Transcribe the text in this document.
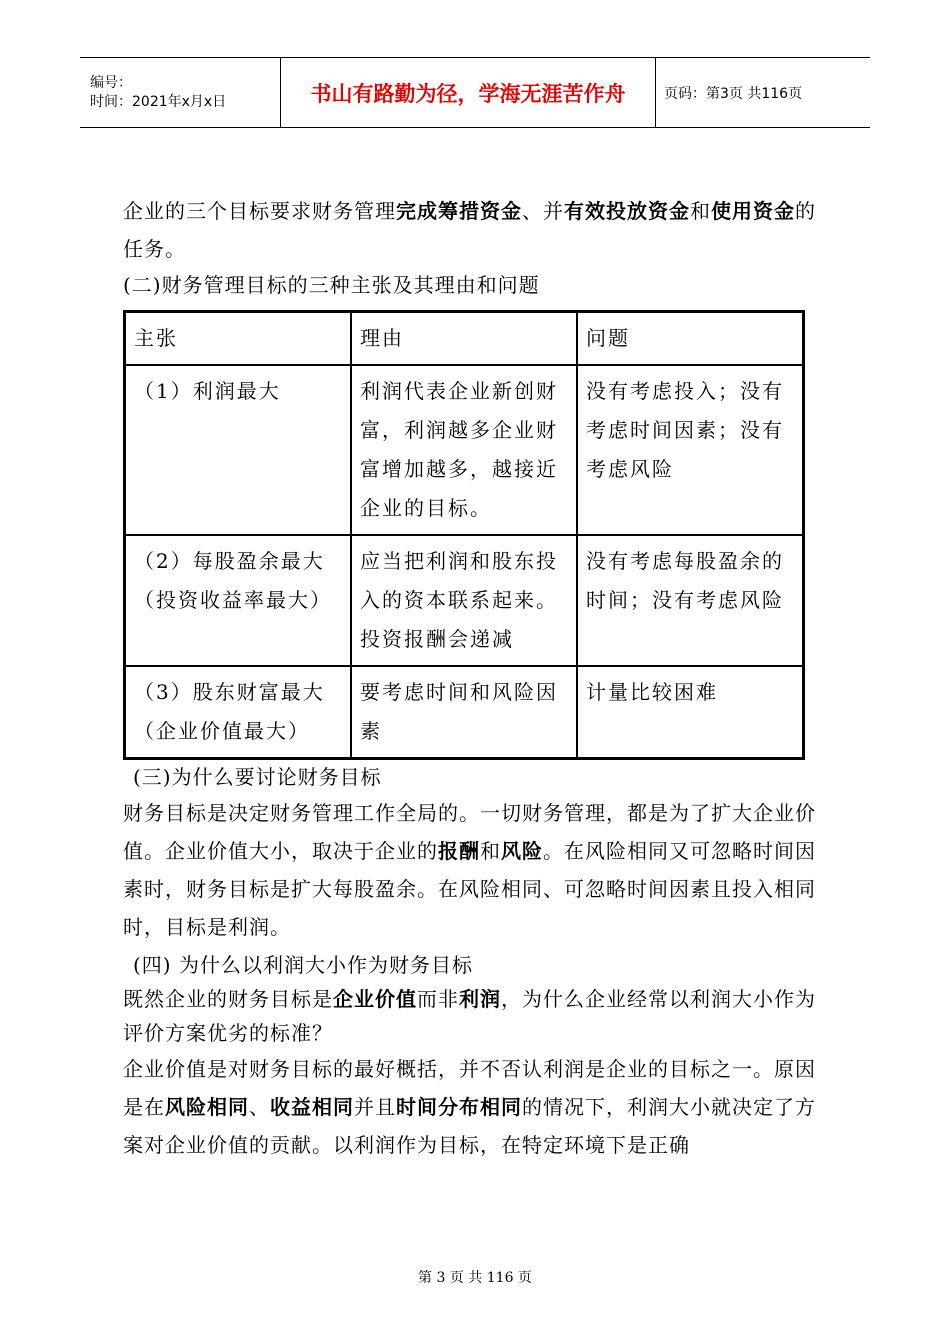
编号：
时间：2021年x月x日	书山有路勤为径，学海无涯苦作舟	页码：第3页 共116页

企业的三个目标要求财务管理完成筹措资金、并有效投放资金和使用资金的任务。

(二)财务管理目标的三种主张及其理由和问题

主张	理由	问题
（1）利润最大	利润代表企业新创财富，利润越多企业财富增加越多，越接近企业的目标。	没有考虑投入；没有考虑时间因素；没有考虑风险
（2）每股盈余最大（投资收益率最大）	应当把利润和股东投入的资本联系起来。投资报酬会递减	没有考虑每股盈余的时间；没有考虑风险
（3）股东财富最大（企业价值最大）	要考虑时间和风险因素	计量比较困难

(三)为什么要讨论财务目标

财务目标是决定财务管理工作全局的。一切财务管理，都是为了扩大企业价值。企业价值大小，取决于企业的报酬和风险。在风险相同又可忽略时间因素时，财务目标是扩大每股盈余。在风险相同、可忽略时间因素且投入相同时，目标是利润。

(四) 为什么以利润大小作为财务目标

既然企业的财务目标是企业价值而非利润，为什么企业经常以利润大小作为评价方案优劣的标准？

企业价值是对财务目标的最好概括，并不否认利润是企业的目标之一。原因是在风险相同、收益相同并且时间分布相同的情况下，利润大小就决定了方案对企业价值的贡献。以利润作为目标，在特定环境下是正确

第 3 页 共 116 页
